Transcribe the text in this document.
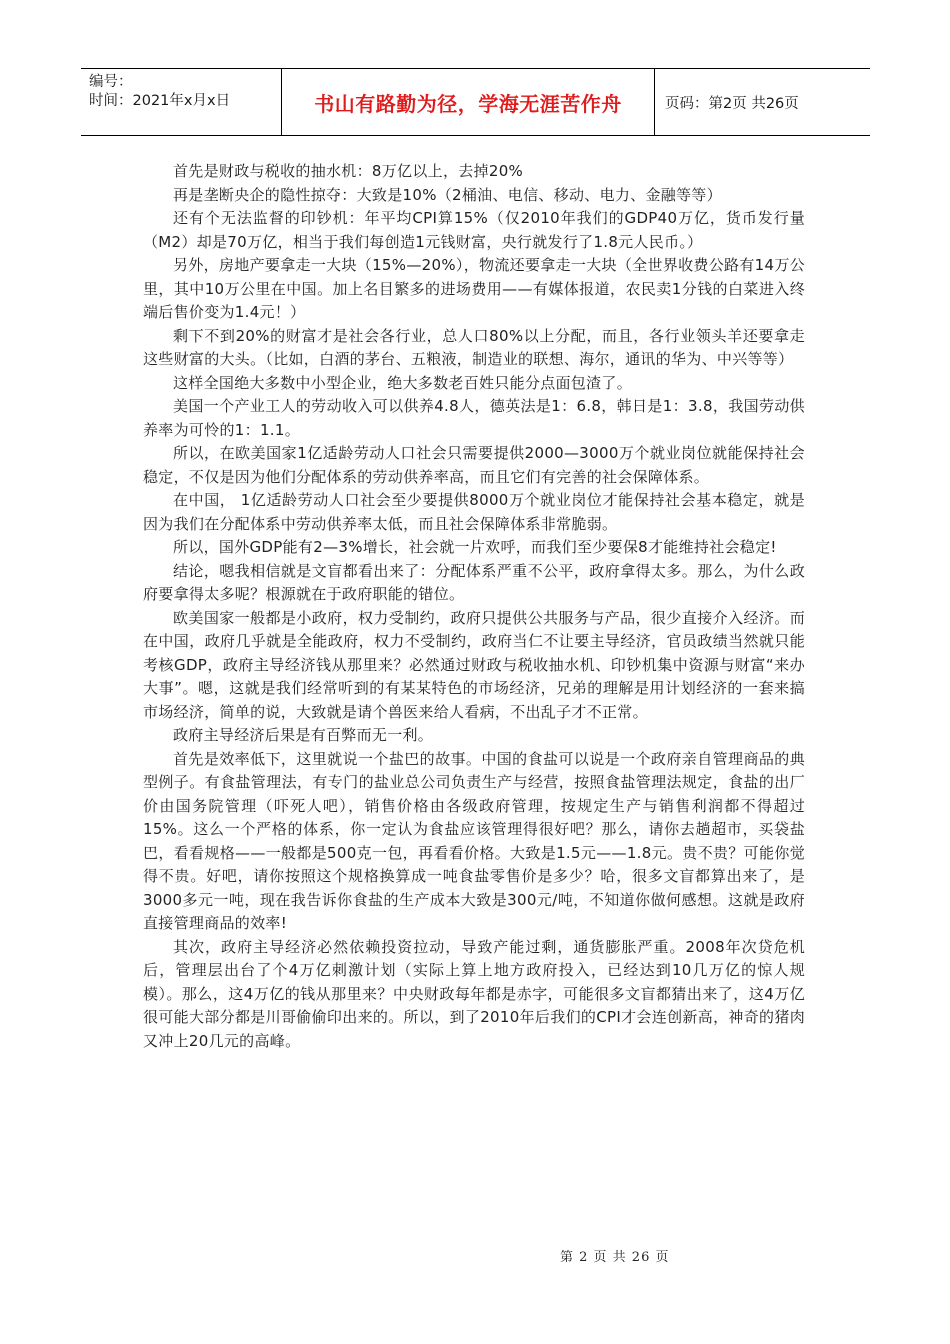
编号：
时间：2021年x月x日	书山有路勤为径，学海无涯苦作舟	页码：第2页 共26页

首先是财政与税收的抽水机：8万亿以上，去掉20%

再是垄断央企的隐性掠夺：大致是10%（2桶油、电信、移动、电力、金融等等）

还有个无法监督的印钞机：年平均CPI算15%（仅2010年我们的GDP40万亿，货币发行量（M2）却是70万亿，相当于我们每创造1元钱财富，央行就发行了1.8元人民币。）

另外，房地产要拿走一大块（15%—20%），物流还要拿走一大块（全世界收费公路有14万公里，其中10万公里在中国。加上名目繁多的进场费用——有媒体报道，农民卖1分钱的白菜进入终端后售价变为1.4元！）

剩下不到20%的财富才是社会各行业，总人口80%以上分配，而且，各行业领头羊还要拿走这些财富的大头。（比如，白酒的茅台、五粮液，制造业的联想、海尔，通讯的华为、中兴等等）

这样全国绝大多数中小型企业，绝大多数老百姓只能分点面包渣了。

美国一个产业工人的劳动收入可以供养4.8人，德英法是1：6.8，韩日是1：3.8，我国劳动供养率为可怜的1：1.1。

所以，在欧美国家1亿适龄劳动人口社会只需要提供2000—3000万个就业岗位就能保持社会稳定，不仅是因为他们分配体系的劳动供养率高，而且它们有完善的社会保障体系。

在中国， 1亿适龄劳动人口社会至少要提供8000万个就业岗位才能保持社会基本稳定，就是因为我们在分配体系中劳动供养率太低，而且社会保障体系非常脆弱。

所以，国外GDP能有2—3%增长，社会就一片欢呼，而我们至少要保8才能维持社会稳定!

结论，嗯我相信就是文盲都看出来了：分配体系严重不公平，政府拿得太多。那么，为什么政府要拿得太多呢？根源就在于政府职能的错位。

欧美国家一般都是小政府，权力受制约，政府只提供公共服务与产品，很少直接介入经济。而在中国，政府几乎就是全能政府，权力不受制约，政府当仁不让要主导经济，官员政绩当然就只能考核GDP，政府主导经济钱从那里来？必然通过财政与税收抽水机、印钞机集中资源与财富“来办大事”。嗯，这就是我们经常听到的有某某特色的市场经济，兄弟的理解是用计划经济的一套来搞市场经济，简单的说，大致就是请个兽医来给人看病，不出乱子才不正常。

政府主导经济后果是有百弊而无一利。

首先是效率低下，这里就说一个盐巴的故事。中国的食盐可以说是一个政府亲自管理商品的典型例子。有食盐管理法，有专门的盐业总公司负责生产与经营，按照食盐管理法规定，食盐的出厂价由国务院管理（吓死人吧），销售价格由各级政府管理，按规定生产与销售利润都不得超过15%。这么一个严格的体系，你一定认为食盐应该管理得很好吧？那么，请你去趟超市，买袋盐巴，看看规格——一般都是500克一包，再看看价格。大致是1.5元——1.8元。贵不贵？可能你觉得不贵。好吧，请你按照这个规格换算成一吨食盐零售价是多少？哈，很多文盲都算出来了，是3000多元一吨，现在我告诉你食盐的生产成本大致是300元/吨，不知道你做何感想。这就是政府直接管理商品的效率!

其次，政府主导经济必然依赖投资拉动，导致产能过剩，通货膨胀严重。2008年次贷危机后，管理层出台了个4万亿刺激计划（实际上算上地方政府投入，已经达到10几万亿的惊人规模）。那么，这4万亿的钱从那里来？中央财政每年都是赤字，可能很多文盲都猜出来了，这4万亿很可能大部分都是川哥偷偷印出来的。所以，到了2010年后我们的CPI才会连创新高，神奇的猪肉又冲上20几元的高峰。

第 2 页 共 26 页
